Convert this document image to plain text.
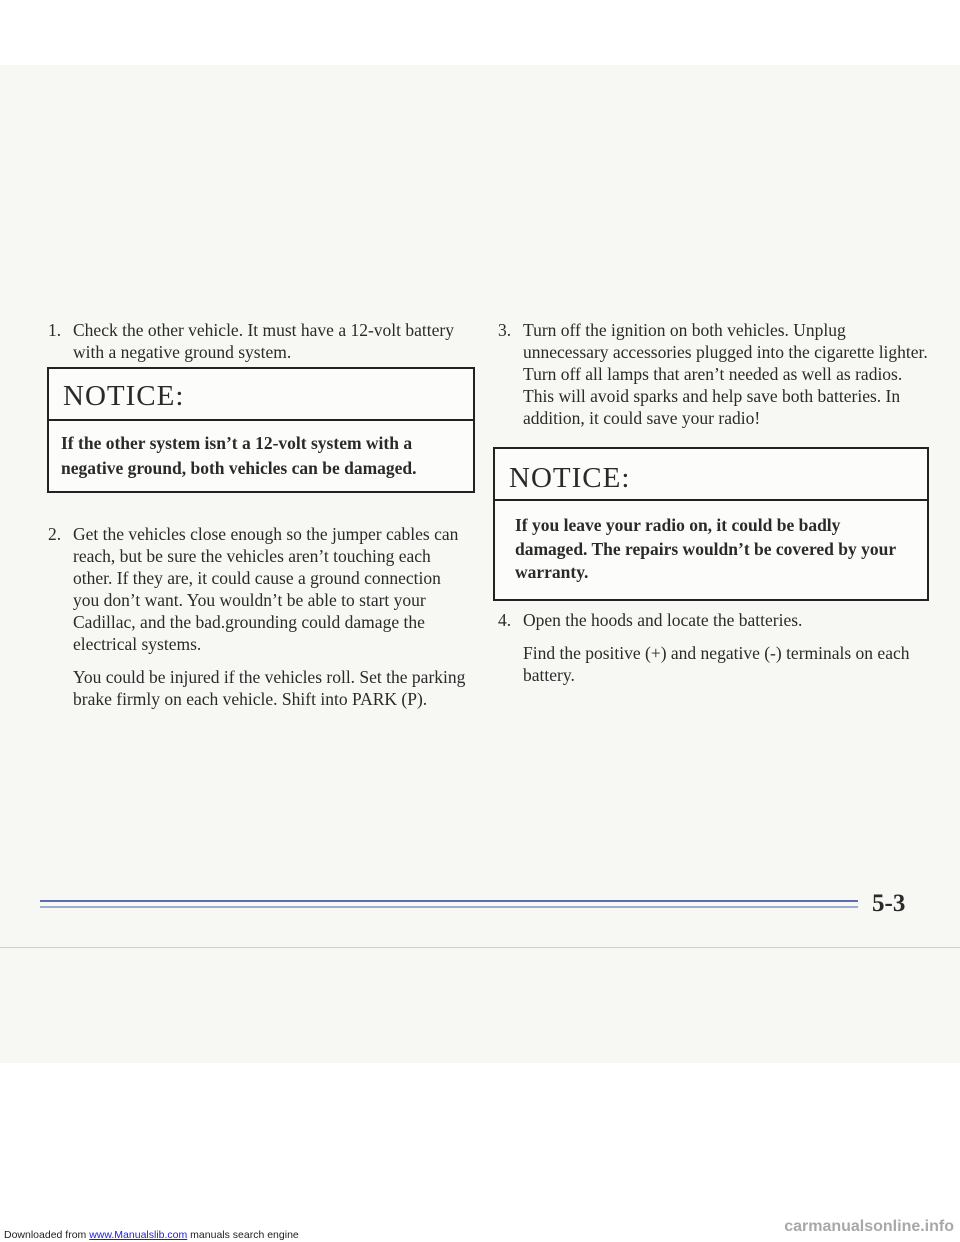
1. Check the other vehicle. It must have a 12-volt battery with a negative ground system.
NOTICE:
If the other system isn’t a 12-volt system with a negative ground, both vehicles can be damaged.
2. Get the vehicles close enough so the jumper cables can reach, but be sure the vehicles aren’t touching each other. If they are, it could cause a ground connection you don’t want. You wouldn’t be able to start your Cadillac, and the bad.grounding could damage the electrical systems.
You could be injured if the vehicles roll. Set the parking brake firmly on each vehicle. Shift into PARK (P).
3. Turn off the ignition on both vehicles. Unplug unnecessary accessories plugged into the cigarette lighter. Turn off all lamps that aren’t needed as well as radios. This will avoid sparks and help save both batteries. In addition, it could save your radio!
NOTICE:
If you leave your radio on, it could be badly damaged. The repairs wouldn’t be covered by your warranty.
4. Open the hoods and locate the batteries.
Find the positive (+) and negative (-) terminals on each battery.
5-3
Downloaded from www.Manualslib.com manuals search engine	carmanualsonline.info
